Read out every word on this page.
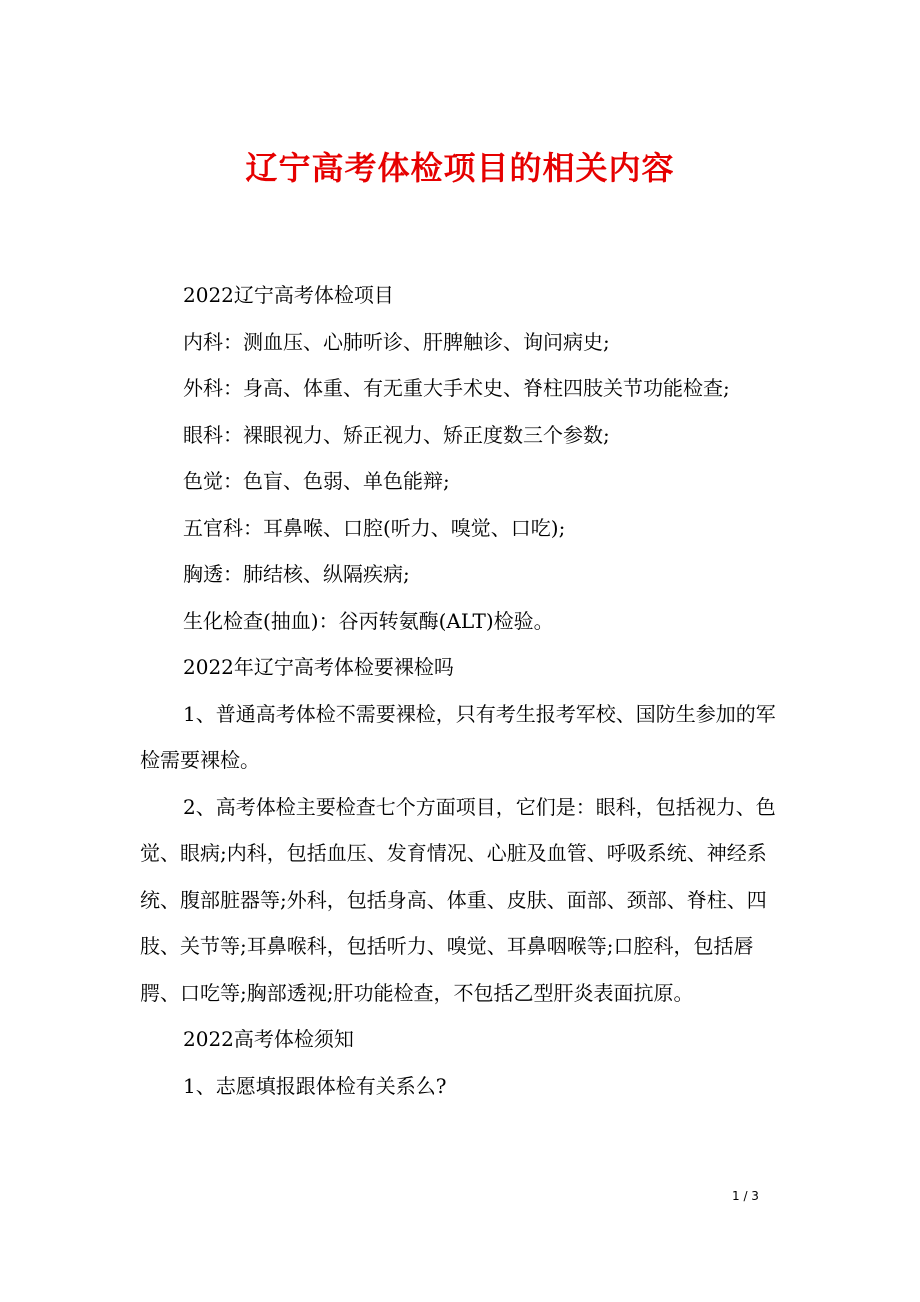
辽宁高考体检项目的相关内容

2022辽宁高考体检项目

内科：测血压、心肺听诊、肝脾触诊、询问病史;

外科：身高、体重、有无重大手术史、脊柱四肢关节功能检查;

眼科：裸眼视力、矫正视力、矫正度数三个参数;

色觉：色盲、色弱、单色能辩;

五官科：耳鼻喉、口腔(听力、嗅觉、口吃);

胸透：肺结核、纵隔疾病;

生化检查(抽血)：谷丙转氨酶(ALT)检验。

2022年辽宁高考体检要裸检吗

1、普通高考体检不需要裸检，只有考生报考军校、国防生参加的军检需要裸检。

2、高考体检主要检查七个方面项目，它们是：眼科，包括视力、色觉、眼病;内科，包括血压、发育情况、心脏及血管、呼吸系统、神经系统、腹部脏器等;外科，包括身高、体重、皮肤、面部、颈部、脊柱、四肢、关节等;耳鼻喉科，包括听力、嗅觉、耳鼻咽喉等;口腔科，包括唇腭、口吃等;胸部透视;肝功能检查，不包括乙型肝炎表面抗原。

2022高考体检须知

1、志愿填报跟体检有关系么?

1 / 3
